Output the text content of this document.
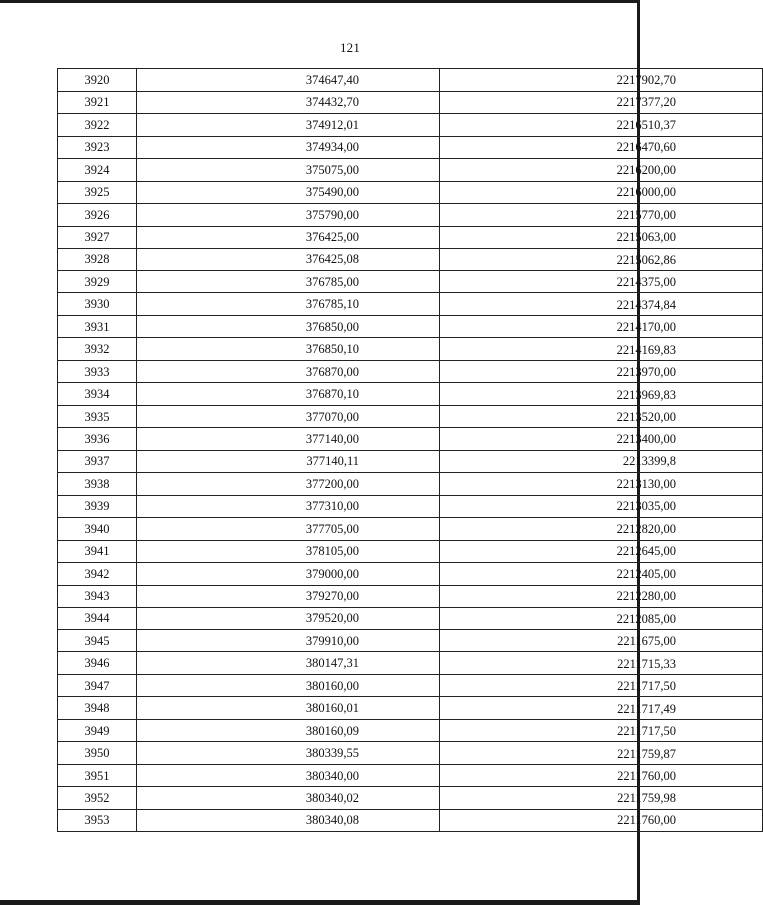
121
3920	374647,40	2217902,70
3921	374432,70	2217377,20
3922	374912,01	2216510,37
3923	374934,00	2216470,60
3924	375075,00	2216200,00
3925	375490,00	2216000,00
3926	375790,00	2215770,00
3927	376425,00	2215063,00
3928	376425,08	2215062,86
3929	376785,00	2214375,00
3930	376785,10	2214374,84
3931	376850,00	2214170,00
3932	376850,10	2214169,83
3933	376870,00	2213970,00
3934	376870,10	2213969,83
3935	377070,00	2213520,00
3936	377140,00	2213400,00
3937	377140,11	2213399,8
3938	377200,00	2213130,00
3939	377310,00	2213035,00
3940	377705,00	2212820,00
3941	378105,00	2212645,00
3942	379000,00	2212405,00
3943	379270,00	2212280,00
3944	379520,00	2212085,00
3945	379910,00	2211675,00
3946	380147,31	2211715,33
3947	380160,00	2211717,50
3948	380160,01	2211717,49
3949	380160,09	2211717,50
3950	380339,55	2211759,87
3951	380340,00	2211760,00
3952	380340,02	2211759,98
3953	380340,08	2211760,00
